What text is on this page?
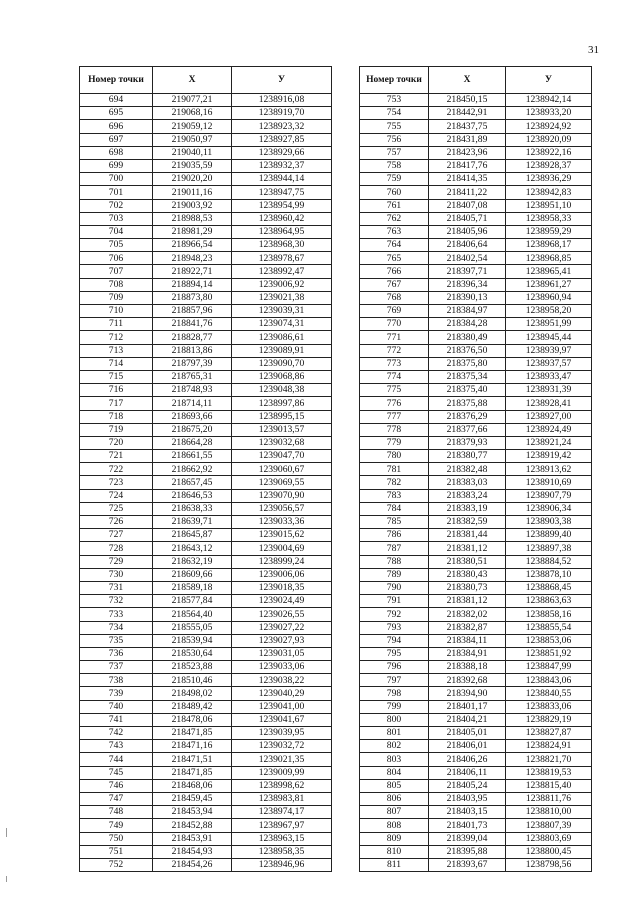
31
Номер точки	X	У
694	219077,21	1238916,08
695	219068,16	1238919,70
696	219059,12	1238923,32
697	219050,97	1238927,85
698	219040,11	1238929,66
699	219035,59	1238932,37
700	219020,20	1238944,14
701	219011,16	1238947,75
702	219003,92	1238954,99
703	218988,53	1238960,42
704	218981,29	1238964,95
705	218966,54	1238968,30
706	218948,23	1238978,67
707	218922,71	1238992,47
708	218894,14	1239006,92
709	218873,80	1239021,38
710	218857,96	1239039,31
711	218841,76	1239074,31
712	218828,77	1239086,61
713	218813,86	1239089,91
714	218797,39	1239090,70
715	218765,31	1239068,86
716	218748,93	1239048,38
717	218714,11	1238997,86
718	218693,66	1238995,15
719	218675,20	1239013,57
720	218664,28	1239032,68
721	218661,55	1239047,70
722	218662,92	1239060,67
723	218657,45	1239069,55
724	218646,53	1239070,90
725	218638,33	1239056,57
726	218639,71	1239033,36
727	218645,87	1239015,62
728	218643,12	1239004,69
729	218632,19	1238999,24
730	218609,66	1239006,06
731	218589,18	1239018,35
732	218577,84	1239024,49
733	218564,40	1239026,55
734	218555,05	1239027,22
735	218539,94	1239027,93
736	218530,64	1239031,05
737	218523,88	1239033,06
738	218510,46	1239038,22
739	218498,02	1239040,29
740	218489,42	1239041,00
741	218478,06	1239041,67
742	218471,85	1239039,95
743	218471,16	1239032,72
744	218471,51	1239021,35
745	218471,85	1239009,99
746	218468,06	1238998,62
747	218459,45	1238983,81
748	218453,94	1238974,17
749	218452,88	1238967,97
750	218453,91	1238963,15
751	218454,93	1238958,35
752	218454,26	1238946,96
Номер точки	X	У
753	218450,15	1238942,14
754	218442,91	1238933,20
755	218437,75	1238924,92
756	218431,89	1238920,09
757	218423,96	1238922,16
758	218417,76	1238928,37
759	218414,35	1238936,29
760	218411,22	1238942,83
761	218407,08	1238951,10
762	218405,71	1238958,33
763	218405,96	1238959,29
764	218406,64	1238968,17
765	218402,54	1238968,85
766	218397,71	1238965,41
767	218396,34	1238961,27
768	218390,13	1238960,94
769	218384,97	1238958,20
770	218384,28	1238951,99
771	218380,49	1238945,44
772	218376,50	1238939,97
773	218375,80	1238937,57
774	218375,34	1238933,47
775	218375,40	1238931,39
776	218375,88	1238928,41
777	218376,29	1238927,00
778	218377,66	1238924,49
779	218379,93	1238921,24
780	218380,77	1238919,42
781	218382,48	1238913,62
782	218383,03	1238910,69
783	218383,24	1238907,79
784	218383,19	1238906,34
785	218382,59	1238903,38
786	218381,44	1238899,40
787	218381,12	1238897,38
788	218380,51	1238884,52
789	218380,43	1238878,10
790	218380,73	1238868,45
791	218381,12	1238863,63
792	218382,02	1238858,16
793	218382,87	1238855,54
794	218384,11	1238853,06
795	218384,91	1238851,92
796	218388,18	1238847,99
797	218392,68	1238843,06
798	218394,90	1238840,55
799	218401,17	1238833,06
800	218404,21	1238829,19
801	218405,01	1238827,87
802	218406,01	1238824,91
803	218406,26	1238821,70
804	218406,11	1238819,53
805	218405,24	1238815,40
806	218403,95	1238811,76
807	218403,15	1238810,00
808	218401,73	1238807,39
809	218399,04	1238803,69
810	218395,88	1238800,45
811	218393,67	1238798,56
